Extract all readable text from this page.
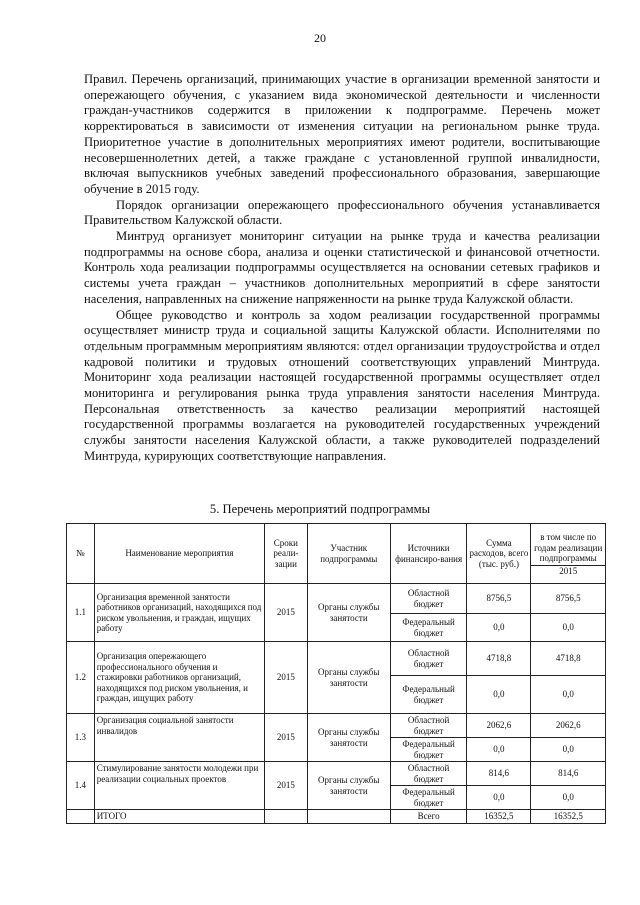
20

Правил. Перечень организаций, принимающих участие в организации временной занятости и опережающего обучения, с указанием вида экономической деятельности и численности граждан-участников содержится в приложении к подпрограмме. Перечень может корректироваться в зависимости от изменения ситуации на региональном рынке труда. Приоритетное участие в дополнительных мероприятиях имеют родители, воспитывающие несовершеннолетних детей, а также граждане с установленной группой инвалидности, включая выпускников учебных заведений профессионального образования, завершающие обучение в 2015 году.

Порядок организации опережающего профессионального обучения устанавливается Правительством Калужской области.

Минтруд организует мониторинг ситуации на рынке труда и качества реализации подпрограммы на основе сбора, анализа и оценки статистической и финансовой отчетности. Контроль хода реализации подпрограммы осуществляется на основании сетевых графиков и системы учета граждан – участников дополнительных мероприятий в сфере занятости населения, направленных на снижение напряженности на рынке труда Калужской области.

Общее руководство и контроль за ходом реализации государственной программы осуществляет министр труда и социальной защиты Калужской области. Исполнителями по отдельным программным мероприятиям являются: отдел организации трудоустройства и отдел кадровой политики и трудовых отношений соответствующих управлений Минтруда. Мониторинг хода реализации настоящей государственной программы осуществляет отдел мониторинга и регулирования рынка труда управления занятости населения Минтруда. Персональная ответственность за качество реализации мероприятий настоящей государственной программы возлагается на руководителей государственных учреждений службы занятости населения Калужской области, а также руководителей подразделений Минтруда, курирующих соответствующие направления.

5. Перечень мероприятий подпрограммы
№	Наименование мероприятия	Сроки реали-зации	Участник подпрограммы	Источники финансиро-вания	Сумма расходов, всего (тыс. руб.)	в том числе по годам реализации подпрограммы
2015

1.1	Организация временной занятости работников организаций, находящихся под риском увольнения, и граждан, ищущих работу	2015	Органы службы занятости	Областной бюджет	8756,5	8756,5
				Федеральный бюджет	0,0	0,0
1.2	Организация опережающего профессионального обучения и стажировки работников организаций, находящихся под риском увольнения, и граждан, ищущих работу	2015	Органы службы занятости	Областной бюджет	4718,8	4718,8
				Федеральный бюджет	0,0	0,0
1.3	Организация социальной занятости инвалидов	2015	Органы службы занятости	Областной бюджет	2062,6	2062,6
				Федеральный бюджет	0,0	0,0
1.4	Стимулирование занятости молодежи при реализации социальных проектов	2015	Органы службы занятости	Областной бюджет	814,6	814,6
				Федеральный бюджет	0,0	0,0
	ИТОГО			Всего	16352,5	16352,5
